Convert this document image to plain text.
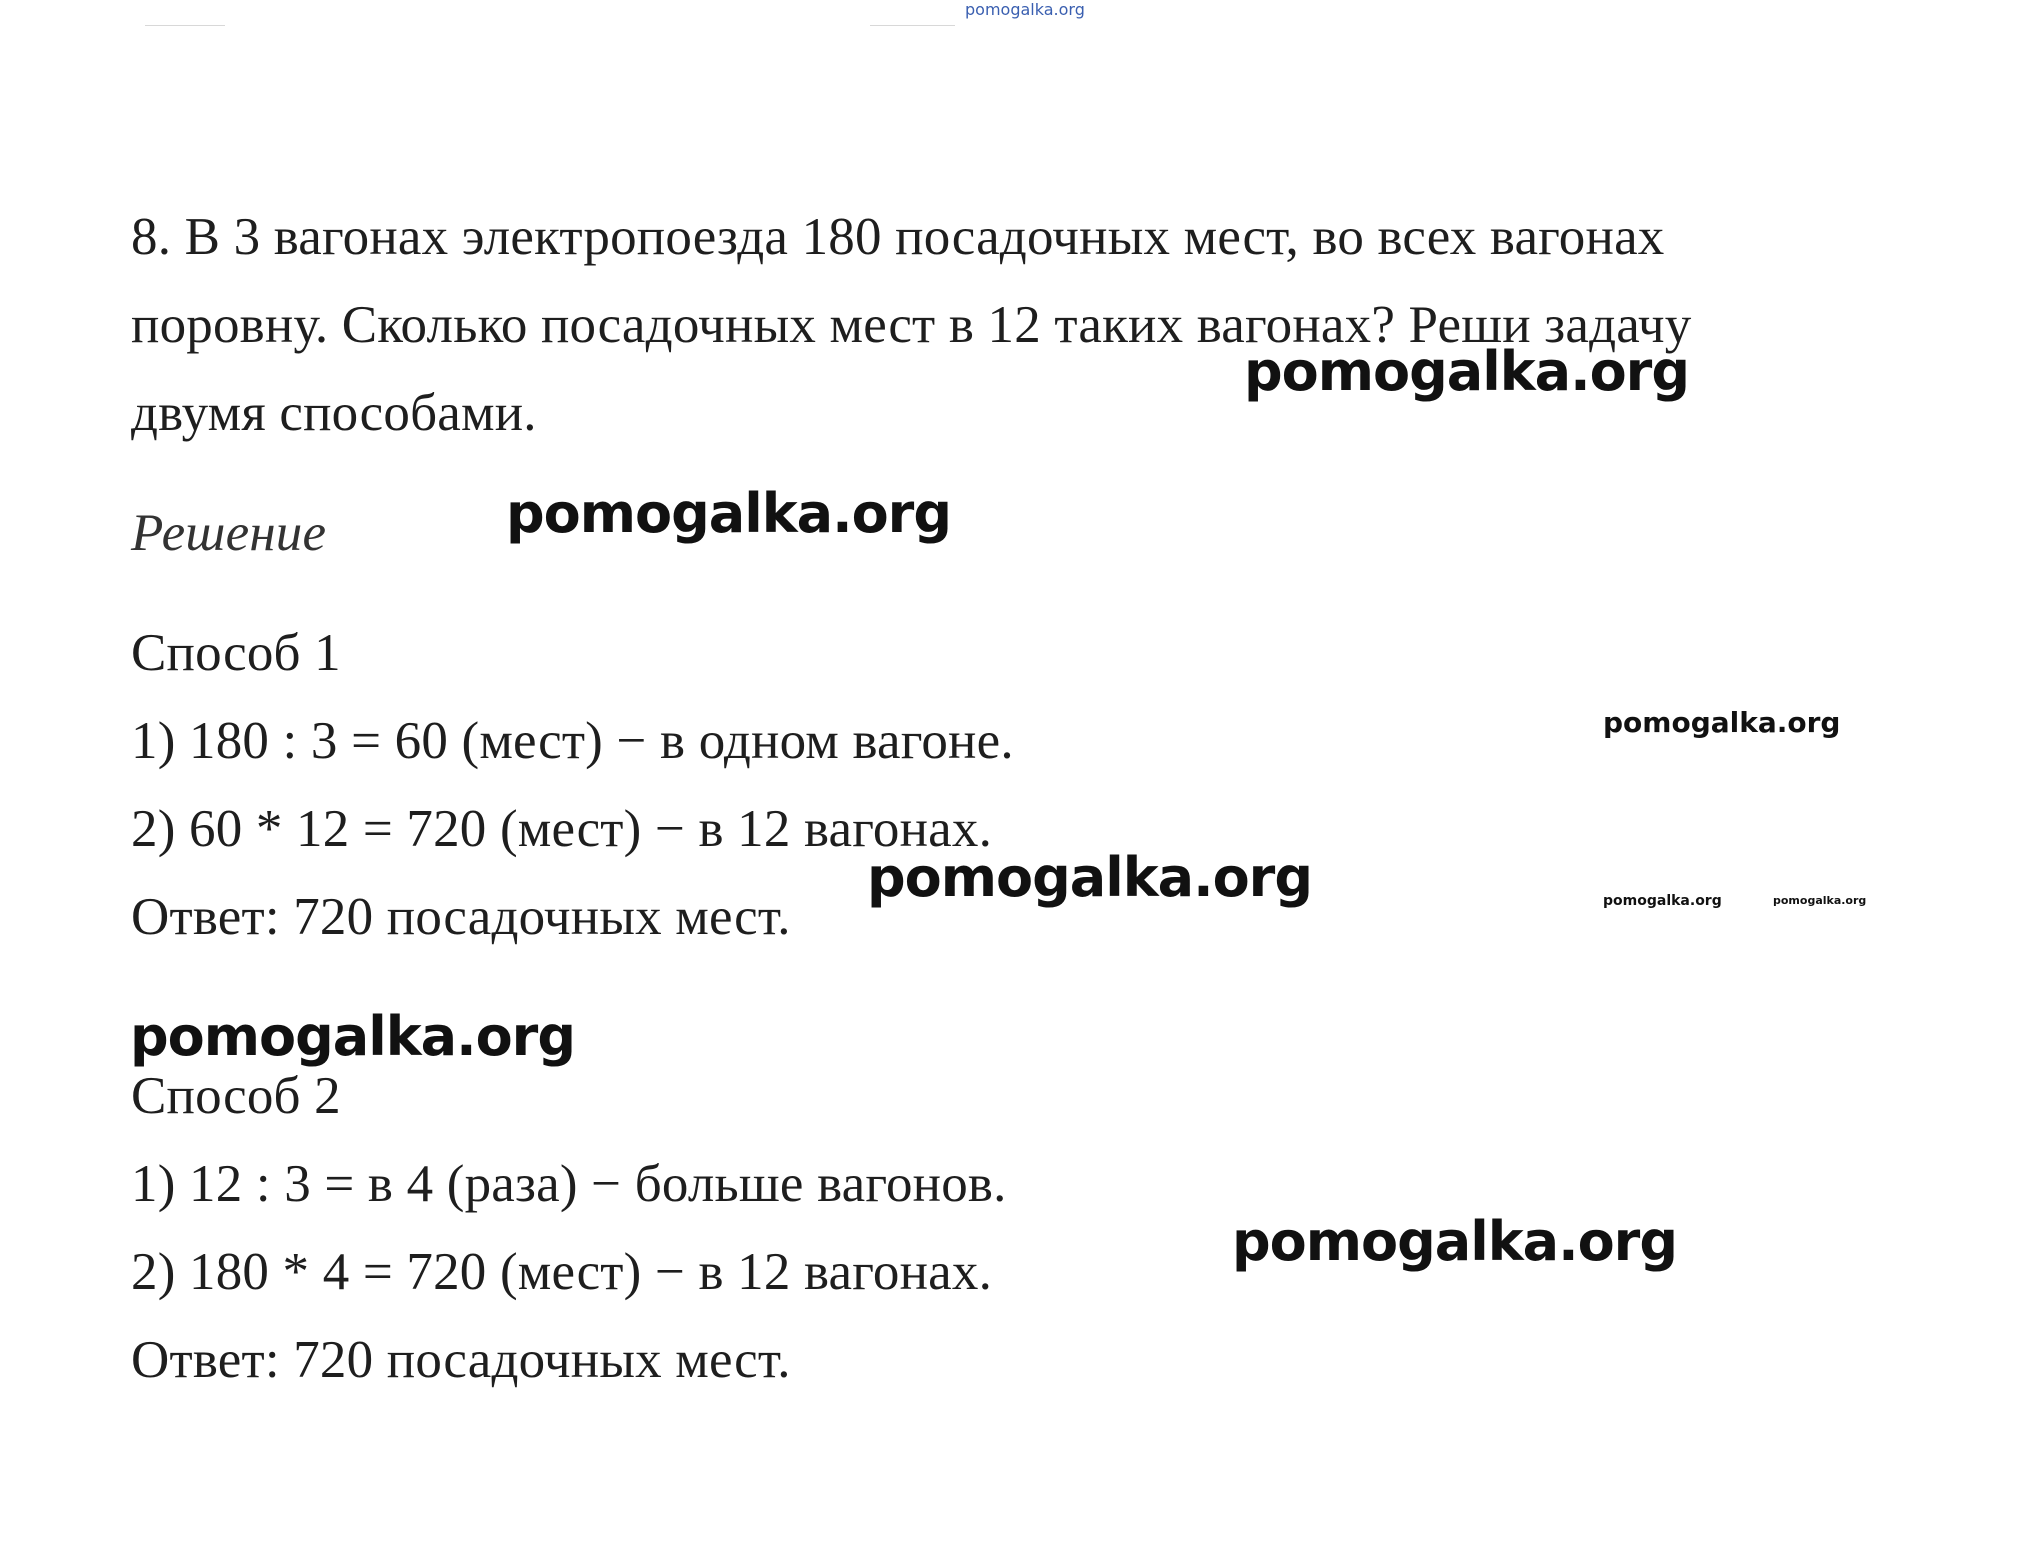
pomogalka.org
8. В 3 вагонах электропоезда 180 посадочных мест, во всех вагонах
поровну. Сколько посадочных мест в 12 таких вагонах? Реши задачу
двумя способами.
Решение
Способ 1
1) 180 : 3 = 60 (мест) − в одном вагоне.
2) 60 * 12 = 720 (мест) − в 12 вагонах.
Ответ: 720 посадочных мест.
Способ 2
1) 12 : 3 = в 4 (раза) − больше вагонов.
2) 180 * 4 = 720 (мест) − в 12 вагонах.
Ответ: 720 посадочных мест.
pomogalka.org
pomogalka.org
pomogalka.org
pomogalka.org	pomogalka.org	pomogalka.org
pomogalka.org
pomogalka.org
